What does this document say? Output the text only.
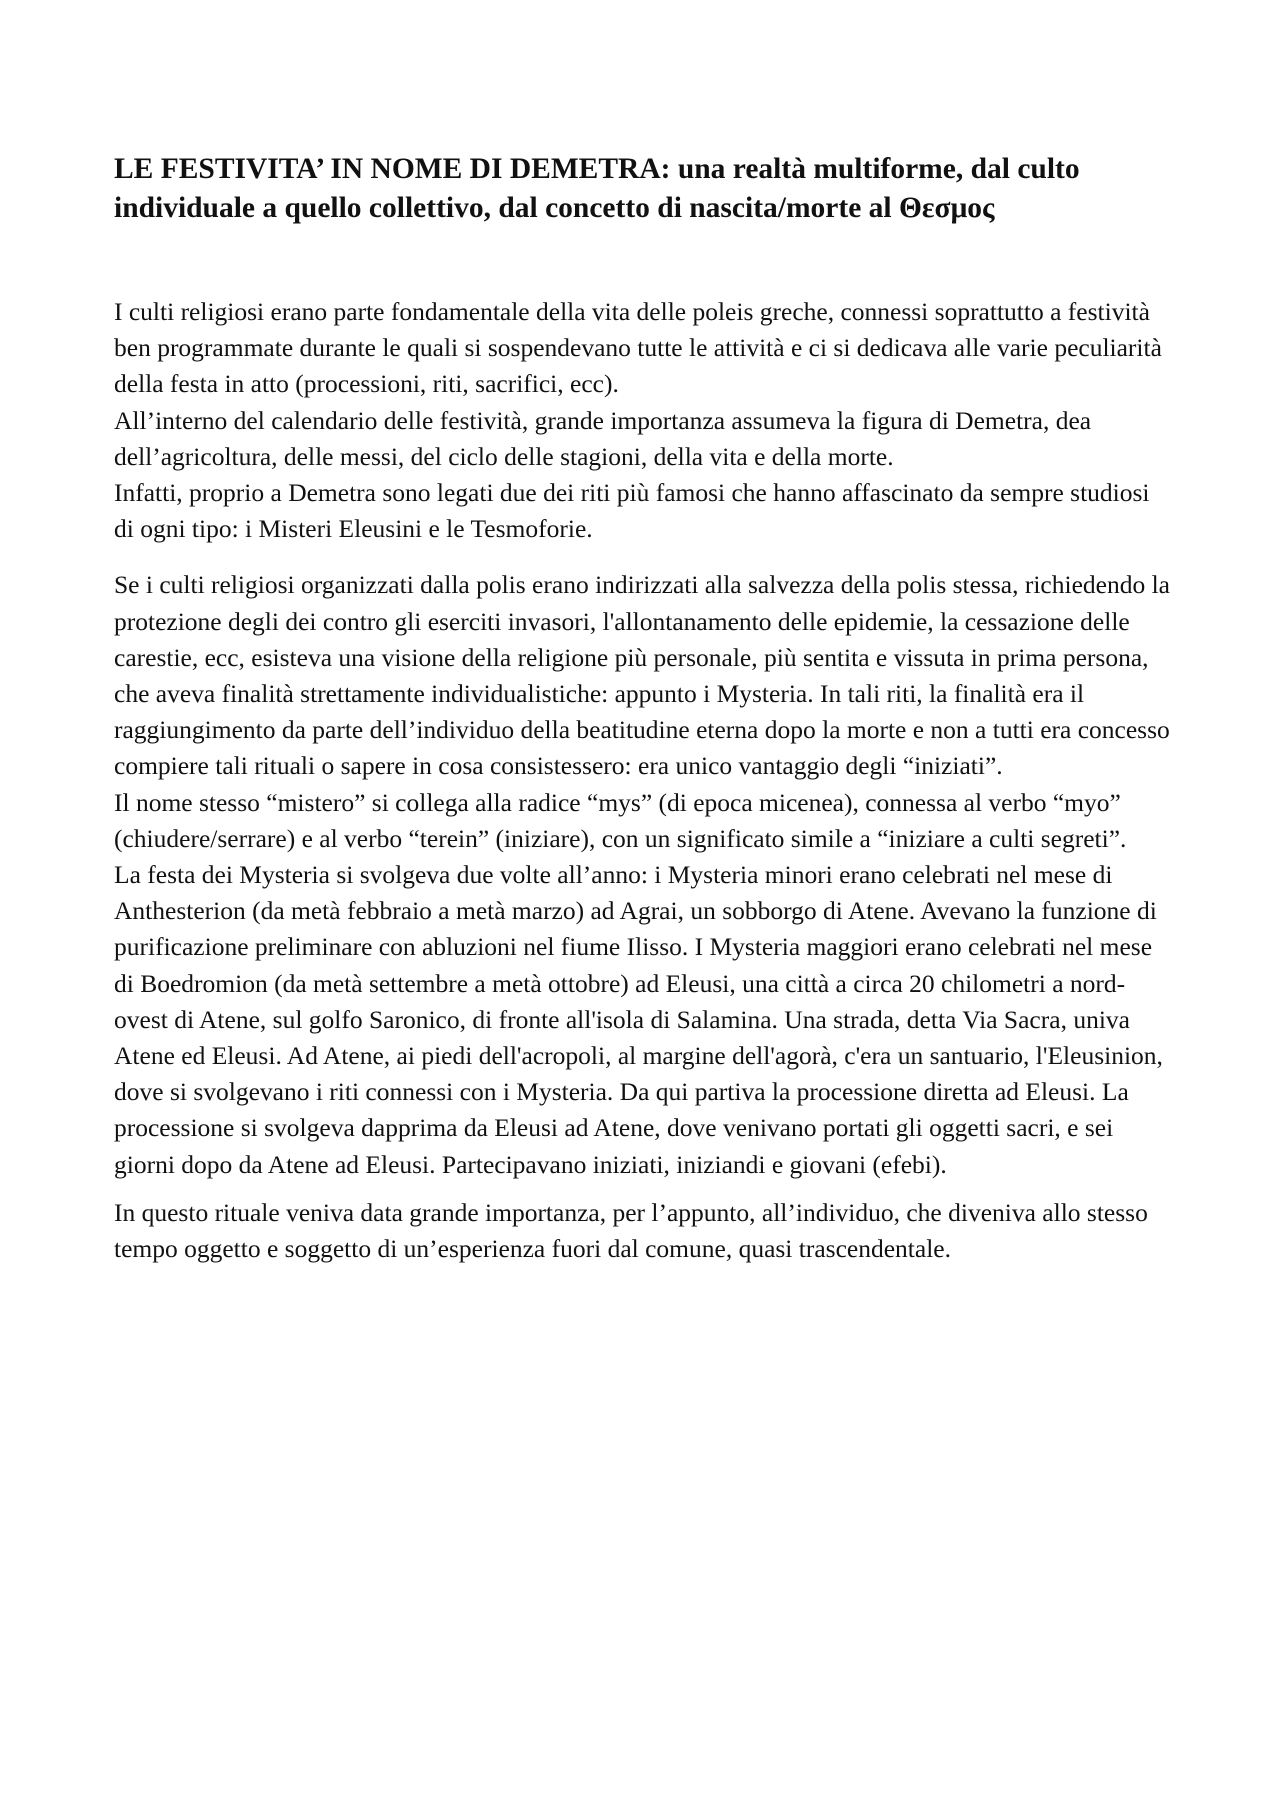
LE FESTIVITA’ IN NOME DI DEMETRA: una realtà multiforme, dal culto individuale a quello collettivo, dal concetto di nascita/morte al Θεσμος

I culti religiosi erano parte fondamentale della vita delle poleis greche, connessi soprattutto a festività ben programmate durante le quali si sospendevano tutte le attività e ci si dedicava alle varie peculiarità della festa in atto (processioni, riti, sacrifici, ecc).

All’interno del calendario delle festività, grande importanza assumeva la figura di Demetra, dea dell’agricoltura, delle messi, del ciclo delle stagioni, della vita e della morte.

Infatti, proprio a Demetra sono legati due dei riti più famosi che hanno affascinato da sempre studiosi di ogni tipo: i Misteri Eleusini e le Tesmoforie.

Se i culti religiosi organizzati dalla polis erano indirizzati alla salvezza della polis stessa, richiedendo la protezione degli dei contro gli eserciti invasori, l'allontanamento delle epidemie, la cessazione delle carestie, ecc, esisteva una visione della religione più personale, più sentita e vissuta in prima persona, che aveva finalità strettamente individualistiche: appunto i Mysteria. In tali riti, la finalità era il raggiungimento da parte dell’individuo della beatitudine eterna dopo la morte e non a tutti era concesso compiere tali rituali o sapere in cosa consistessero: era unico vantaggio degli “iniziati”.

Il nome stesso “mistero” si collega alla radice “mys” (di epoca micenea), connessa al verbo “myo” (chiudere/serrare) e al verbo “terein” (iniziare), con un significato simile a “iniziare a culti segreti”.

La festa dei Mysteria si svolgeva due volte all’anno: i Mysteria minori erano celebrati nel mese di Anthesterion (da metà febbraio a metà marzo) ad Agrai, un sobborgo di Atene. Avevano la funzione di purificazione preliminare con abluzioni nel fiume Ilisso. I Mysteria maggiori erano celebrati nel mese di Boedromion (da metà settembre a metà ottobre) ad Eleusi, una città a circa 20 chilometri a nord-ovest di Atene, sul golfo Saronico, di fronte all'isola di Salamina. Una strada, detta Via Sacra, univa Atene ed Eleusi. Ad Atene, ai piedi dell'acropoli, al margine dell'agorà, c'era un santuario, l'Eleusinion, dove si svolgevano i riti connessi con i Mysteria. Da qui partiva la processione diretta ad Eleusi. La processione si svolgeva dapprima da Eleusi ad Atene, dove venivano portati gli oggetti sacri, e sei giorni dopo da Atene ad Eleusi. Partecipavano iniziati, iniziandi e giovani (efebi).

In questo rituale veniva data grande importanza, per l’appunto, all’individuo, che diveniva allo stesso tempo oggetto e soggetto di un’esperienza fuori dal comune, quasi trascendentale.
